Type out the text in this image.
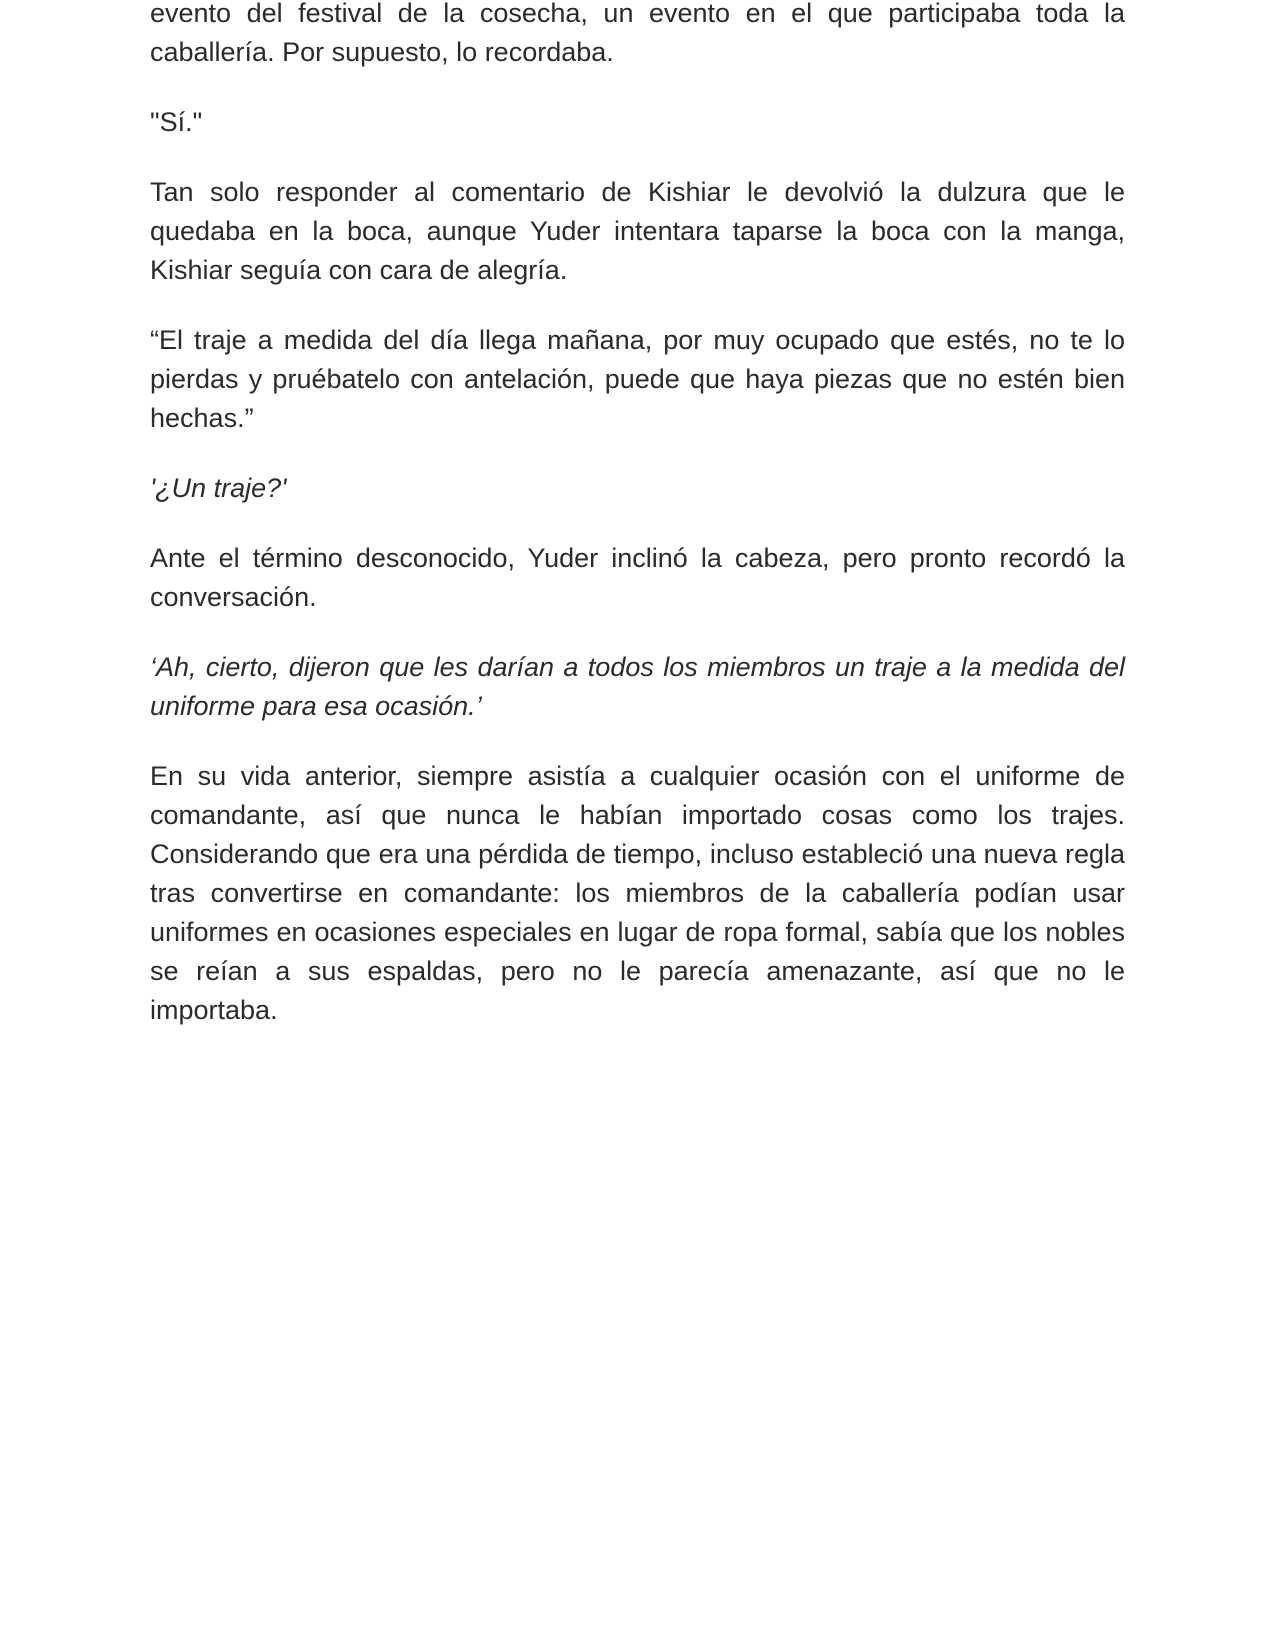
evento del festival de la cosecha, un evento en el que participaba toda la caballería. Por supuesto, lo recordaba.

"Sí."

Tan solo responder al comentario de Kishiar le devolvió la dulzura que le quedaba en la boca, aunque Yuder intentara taparse la boca con la manga, Kishiar seguía con cara de alegría.

“El traje a medida del día llega mañana, por muy ocupado que estés, no te lo pierdas y pruébatelo con antelación, puede que haya piezas que no estén bien hechas.”

'¿Un traje?'

Ante el término desconocido, Yuder inclinó la cabeza, pero pronto recordó la conversación.

‘Ah, cierto, dijeron que les darían a todos los miembros un traje a la medida del uniforme para esa ocasión.’

En su vida anterior, siempre asistía a cualquier ocasión con el uniforme de comandante, así que nunca le habían importado cosas como los trajes. Considerando que era una pérdida de tiempo, incluso estableció una nueva regla tras convertirse en comandante: los miembros de la caballería podían usar uniformes en ocasiones especiales en lugar de ropa formal, sabía que los nobles se reían a sus espaldas, pero no le parecía amenazante, así que no le importaba.
